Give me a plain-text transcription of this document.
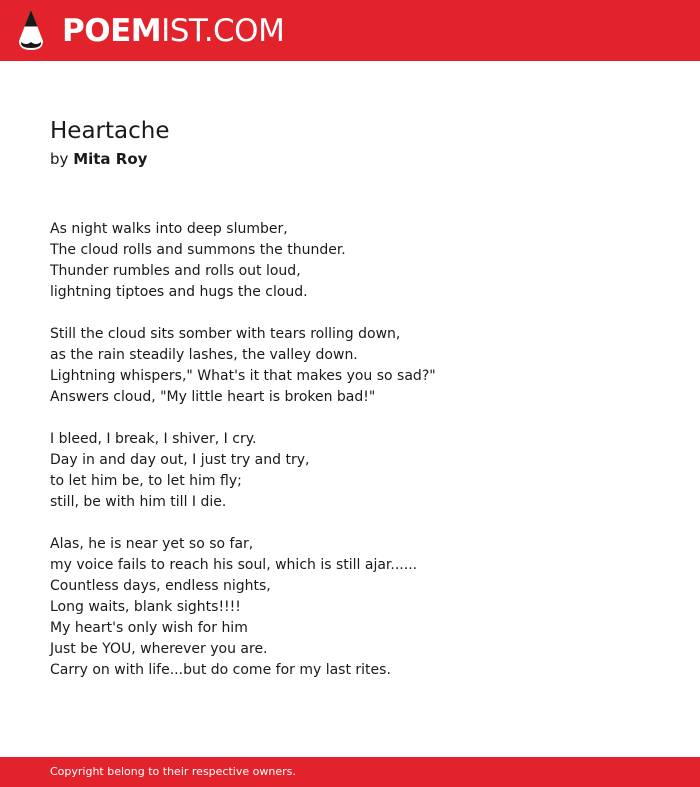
POEMIST.COM
Heartache
by Mita Roy

As night walks into deep slumber,
The cloud rolls and summons the thunder.
Thunder rumbles and rolls out loud,
lightning tiptoes and hugs the cloud.

Still the cloud sits somber with tears rolling down,
as the rain steadily lashes, the valley down.
Lightning whispers," What's it that makes you so sad?"
Answers cloud, "My little heart is broken bad!"

I bleed, I break, I shiver, I cry.
Day in and day out, I just try and try,
to let him be, to let him fly;
still, be with him till I die.

Alas, he is near yet so so far,
my voice fails to reach his soul, which is still ajar......
Countless days, endless nights,
Long waits, blank sights!!!!
My heart's only wish for him
Just be YOU, wherever you are.
Carry on with life...but do come for my last rites.

Copyright belong to their respective owners.
